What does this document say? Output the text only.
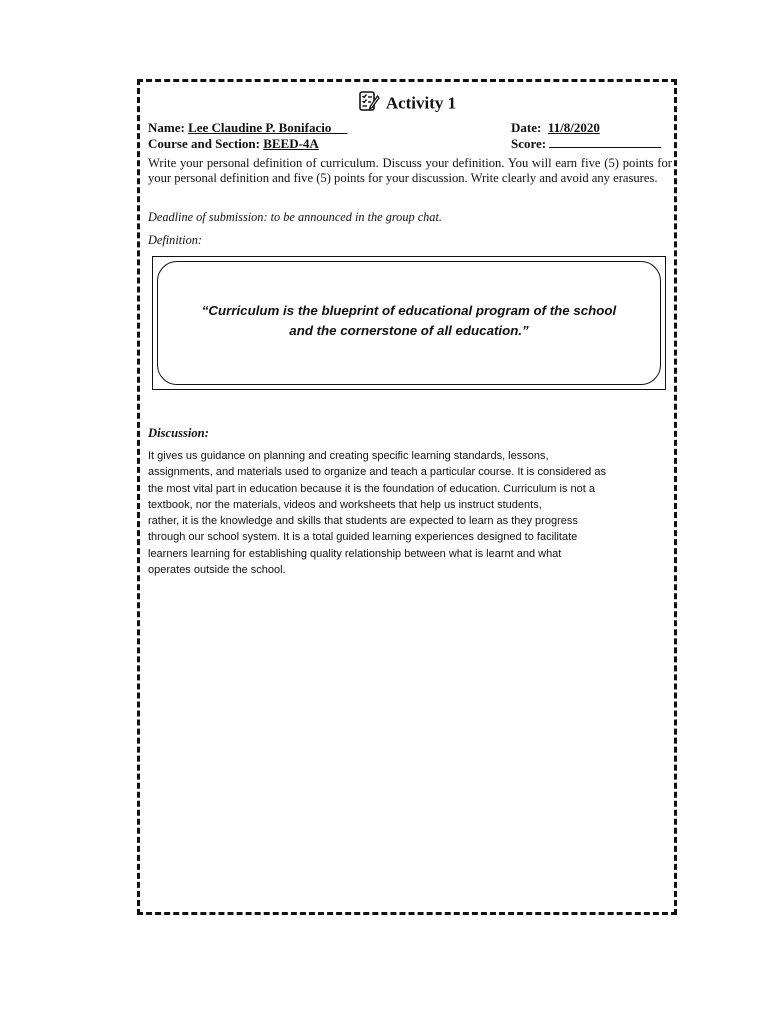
Activity 1
Name: Lee Claudine P. Bonifacio	Date: 11/8/2020
Course and Section: BEED-4A	Score:
Write your personal definition of curriculum. Discuss your definition. You will earn five (5) points for your personal definition and five (5) points for your discussion. Write clearly and avoid any erasures.
Deadline of submission: to be announced in the group chat.
Definition:
“Curriculum is the blueprint of educational program of the school
and the cornerstone of all education.”
Discussion:
It gives us guidance on planning and creating specific learning standards, lessons,
assignments, and materials used to organize and teach a particular course. It is considered as
the most vital part in education because it is the foundation of education. Curriculum is not a
textbook, nor the materials, videos and worksheets that help us instruct students,
rather, it is the knowledge and skills that students are expected to learn as they progress
through our school system. It is a total guided learning experiences designed to facilitate
learners learning for establishing quality relationship between what is learnt and what
operates outside the school.
